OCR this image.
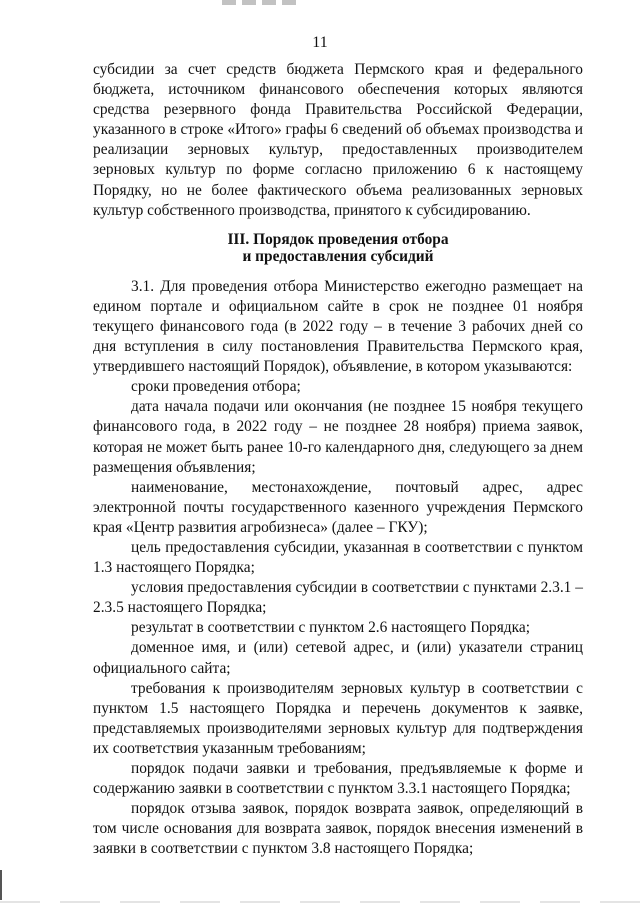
11

субсидии за счет средств бюджета Пермского края и федерального бюджета, источником финансового обеспечения которых являются средства резервного фонда Правительства Российской Федерации, указанного в строке «Итого» графы 6 сведений об объемах производства и реализации зерновых культур, предоставленных производителем зерновых культур по форме согласно приложению 6 к настоящему Порядку, но не более фактического объема реализованных зерновых культур собственного производства, принятого к субсидированию.

III. Порядок проведения отбора
и предоставления субсидий

3.1. Для проведения отбора Министерство ежегодно размещает на едином портале и официальном сайте в срок не позднее 01 ноября текущего финансового года (в 2022 году – в течение 3 рабочих дней со дня вступления в силу постановления Правительства Пермского края, утвердившего настоящий Порядок), объявление, в котором указываются:

сроки проведения отбора;

дата начала подачи или окончания (не позднее 15 ноября текущего финансового года, в 2022 году – не позднее 28 ноября) приема заявок, которая не может быть ранее 10-го календарного дня, следующего за днем размещения объявления;

наименование, местонахождение, почтовый адрес, адрес электронной почты государственного казенного учреждения Пермского края «Центр развития агробизнеса» (далее – ГКУ);

цель предоставления субсидии, указанная в соответствии с пунктом 1.3 настоящего Порядка;

условия предоставления субсидии в соответствии с пунктами 2.3.1 – 2.3.5 настоящего Порядка;

результат в соответствии с пунктом 2.6 настоящего Порядка;

доменное имя, и (или) сетевой адрес, и (или) указатели страниц официального сайта;

требования к производителям зерновых культур в соответствии с пунктом 1.5 настоящего Порядка и перечень документов к заявке, представляемых производителями зерновых культур для подтверждения их соответствия указанным требованиям;

порядок подачи заявки и требования, предъявляемые к форме и содержанию заявки в соответствии с пунктом 3.3.1 настоящего Порядка;

порядок отзыва заявок, порядок возврата заявок, определяющий в том числе основания для возврата заявок, порядок внесения изменений в заявки в соответствии с пунктом 3.8 настоящего Порядка;
